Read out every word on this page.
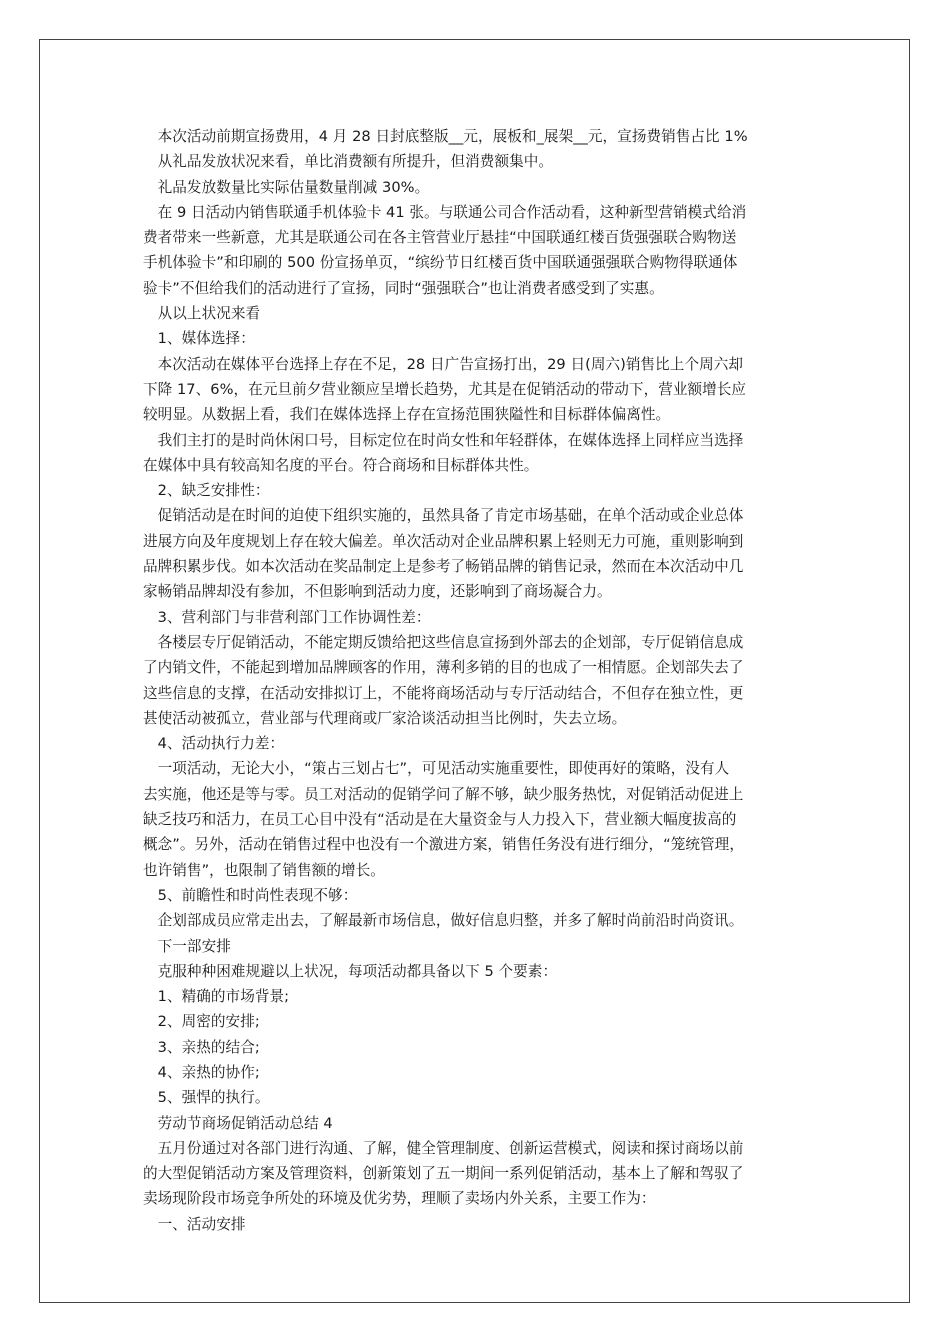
　本次活动前期宣扬费用，4 月 28 日封底整版__元，展板和_展架__元，宣扬费销售占比 1%
　从礼品发放状况来看，单比消费额有所提升，但消费额集中。
　礼品发放数量比实际估量数量削减 30%。
　在 9 日活动内销售联通手机体验卡 41 张。与联通公司合作活动看，这种新型营销模式给消
费者带来一些新意，尤其是联通公司在各主管营业厅悬挂“中国联通红楼百货强强联合购物送
手机体验卡”和印刷的 500 份宣扬单页，“缤纷节日红楼百货中国联通强强联合购物得联通体
验卡”不但给我们的活动进行了宣扬，同时“强强联合”也让消费者感受到了实惠。
　从以上状况来看
　1、媒体选择：
　本次活动在媒体平台选择上存在不足，28 日广告宣扬打出，29 日(周六)销售比上个周六却
下降 17、6%，在元旦前夕营业额应呈增长趋势，尤其是在促销活动的带动下，营业额增长应
较明显。从数据上看，我们在媒体选择上存在宣扬范围狭隘性和目标群体偏离性。
　我们主打的是时尚休闲口号，目标定位在时尚女性和年轻群体，在媒体选择上同样应当选择
在媒体中具有较高知名度的平台。符合商场和目标群体共性。
　2、缺乏安排性：
　促销活动是在时间的迫使下组织实施的，虽然具备了肯定市场基础，在单个活动或企业总体
进展方向及年度规划上存在较大偏差。单次活动对企业品牌积累上轻则无力可施，重则影响到
品牌积累步伐。如本次活动在奖品制定上是参考了畅销品牌的销售记录，然而在本次活动中几
家畅销品牌却没有参加，不但影响到活动力度，还影响到了商场凝合力。
　3、营利部门与非营利部门工作协调性差：
　各楼层专厅促销活动，不能定期反馈给把这些信息宣扬到外部去的企划部，专厅促销信息成
了内销文件，不能起到增加品牌顾客的作用，薄利多销的目的也成了一相情愿。企划部失去了
这些信息的支撑，在活动安排拟订上，不能将商场活动与专厅活动结合，不但存在独立性，更
甚使活动被孤立，营业部与代理商或厂家洽谈活动担当比例时，失去立场。
　4、活动执行力差：
　一项活动，无论大小，“策占三划占七”，可见活动实施重要性，即使再好的策略，没有人
去实施，他还是等与零。员工对活动的促销学问了解不够，缺少服务热忱，对促销活动促进上
缺乏技巧和活力，在员工心目中没有“活动是在大量资金与人力投入下，营业额大幅度拔高的
概念”。另外，活动在销售过程中也没有一个激进方案，销售任务没有进行细分，“笼统管理，
也许销售”，也限制了销售额的增长。
　5、前瞻性和时尚性表现不够：
　企划部成员应常走出去，了解最新市场信息，做好信息归整，并多了解时尚前沿时尚资讯。
　下一部安排
　克服种种困难规避以上状况，每项活动都具备以下 5 个要素：
　1、精确的市场背景;
　2、周密的安排;
　3、亲热的结合;
　4、亲热的协作;
　5、强悍的执行。
　劳动节商场促销活动总结 4
　五月份通过对各部门进行沟通、了解，健全管理制度、创新运营模式，阅读和探讨商场以前
的大型促销活动方案及管理资料，创新策划了五一期间一系列促销活动，基本上了解和驾驭了
卖场现阶段市场竞争所处的环境及优劣势，理顺了卖场内外关系，主要工作为：
　一、活动安排
